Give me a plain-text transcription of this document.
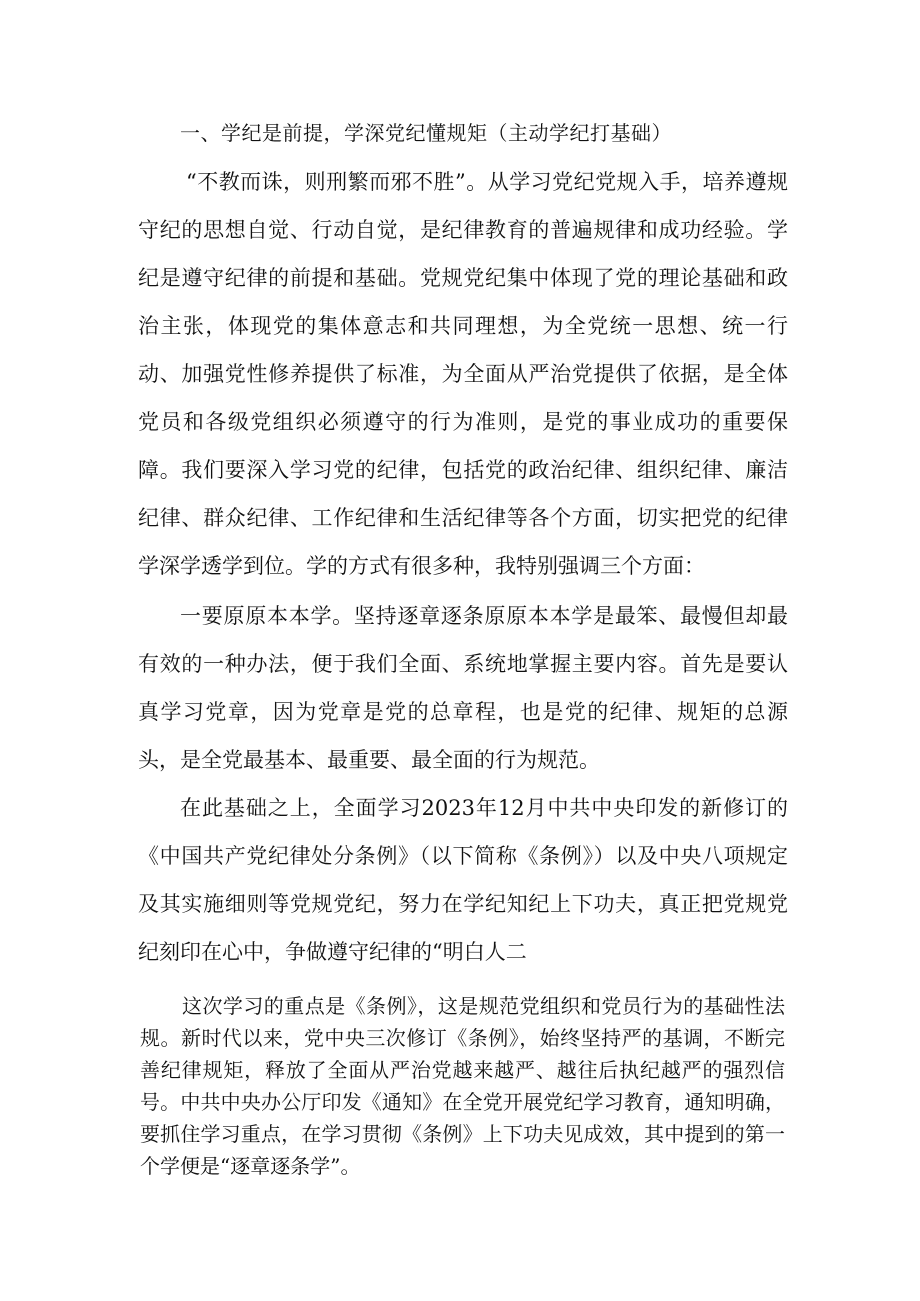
一、学纪是前提，学深党纪懂规矩（主动学纪打基础）

“不教而诛，则刑繁而邪不胜”。从学习党纪党规入手，培养遵规守纪的思想自觉、行动自觉，是纪律教育的普遍规律和成功经验。学纪是遵守纪律的前提和基础。党规党纪集中体现了党的理论基础和政治主张，体现党的集体意志和共同理想，为全党统一思想、统一行动、加强党性修养提供了标准，为全面从严治党提供了依据，是全体党员和各级党组织必须遵守的行为准则，是党的事业成功的重要保障。我们要深入学习党的纪律，包括党的政治纪律、组织纪律、廉洁纪律、群众纪律、工作纪律和生活纪律等各个方面，切实把党的纪律学深学透学到位。学的方式有很多种，我特别强调三个方面：

一要原原本本学。坚持逐章逐条原原本本学是最笨、最慢但却最有效的一种办法，便于我们全面、系统地掌握主要内容。首先是要认真学习党章，因为党章是党的总章程，也是党的纪律、规矩的总源头，是全党最基本、最重要、最全面的行为规范。

在此基础之上，全面学习2023年12月中共中央印发的新修订的《中国共产党纪律处分条例》（以下简称《条例》）以及中央八项规定及其实施细则等党规党纪，努力在学纪知纪上下功夫，真正把党规党纪刻印在心中，争做遵守纪律的“明白人二

这次学习的重点是《条例》，这是规范党组织和党员行为的基础性法规。新时代以来，党中央三次修订《条例》，始终坚持严的基调，不断完善纪律规矩，释放了全面从严治党越来越严、越往后执纪越严的强烈信号。中共中央办公厅印发《通知》在全党开展党纪学习教育，通知明确，要抓住学习重点，在学习贯彻《条例》上下功夫见成效，其中提到的第一个学便是“逐章逐条学”。
